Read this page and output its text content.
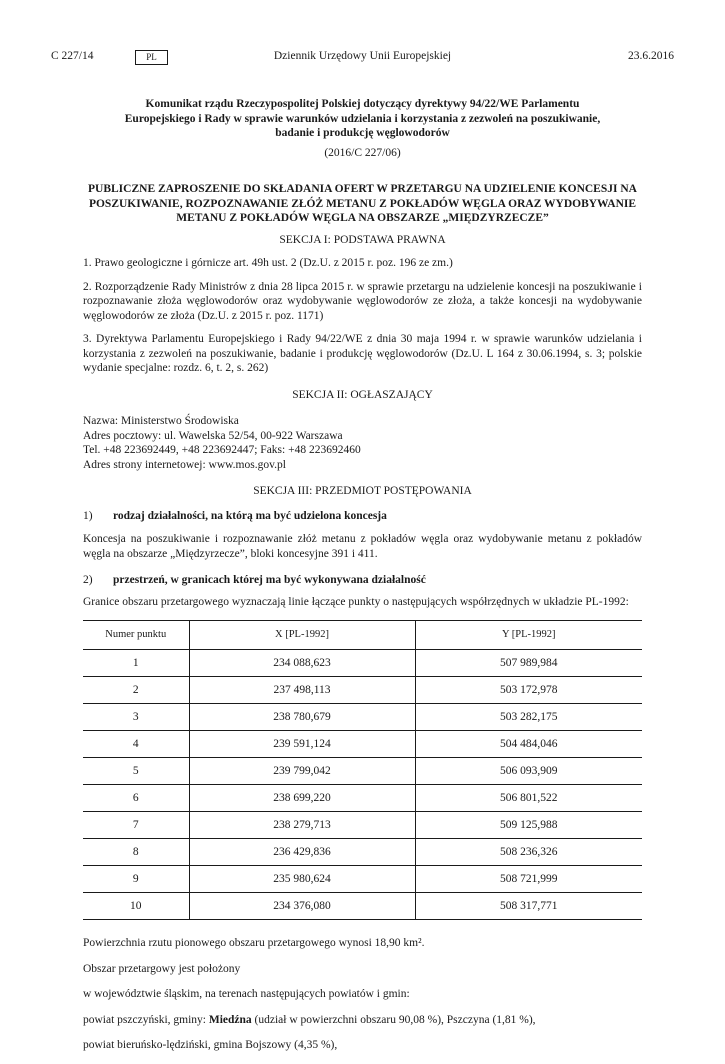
C 227/14	PL	Dziennik Urzędowy Unii Europejskiej	23.6.2016
Komunikat rządu Rzeczypospolitej Polskiej dotyczący dyrektywy 94/22/WE Parlamentu Europejskiego i Rady w sprawie warunków udzielania i korzystania z zezwoleń na poszukiwanie, badanie i produkcję węglowodorów
(2016/C 227/06)
PUBLICZNE ZAPROSZENIE DO SKŁADANIA OFERT W PRZETARGU NA UDZIELENIE KONCESJI NA POSZUKIWANIE, ROZPOZNAWANIE ZŁÓŻ METANU Z POKŁADÓW WĘGLA ORAZ WYDOBYWANIE METANU Z POKŁADÓW WĘGLA NA OBSZARZE „MIĘDZYRZECZE”
SEKCJA I: PODSTAWA PRAWNA
1. Prawo geologiczne i górnicze art. 49h ust. 2 (Dz.U. z 2015 r. poz. 196 ze zm.)
2. Rozporządzenie Rady Ministrów z dnia 28 lipca 2015 r. w sprawie przetargu na udzielenie koncesji na poszukiwanie i rozpoznawanie złoża węglowodorów oraz wydobywanie węglowodorów ze złoża, a także koncesji na wydobywanie węglowodorów ze złoża (Dz.U. z 2015 r. poz. 1171)
3. Dyrektywa Parlamentu Europejskiego i Rady 94/22/WE z dnia 30 maja 1994 r. w sprawie warunków udzielania i korzystania z zezwoleń na poszukiwanie, badanie i produkcję węglowodorów (Dz.U. L 164 z 30.06.1994, s. 3; polskie wydanie specjalne: rozdz. 6, t. 2, s. 262)
SEKCJA II: OGŁASZAJĄCY
Nazwa: Ministerstwo Środowiska
Adres pocztowy: ul. Wawelska 52/54, 00-922 Warszawa
Tel. +48 223692449, +48 223692447; Faks: +48 223692460
Adres strony internetowej: www.mos.gov.pl
SEKCJA III: PRZEDMIOT POSTĘPOWANIA
1)	rodzaj działalności, na którą ma być udzielona koncesja
Koncesja na poszukiwanie i rozpoznawanie złóż metanu z pokładów węgla oraz wydobywanie metanu z pokładów węgla na obszarze „Międzyrzecze”, bloki koncesyjne 391 i 411.
2)	przestrzeń, w granicach której ma być wykonywana działalność
Granice obszaru przetargowego wyznaczają linie łączące punkty o następujących współrzędnych w układzie PL-1992:
Numer punktu	X [PL-1992]	Y [PL-1992]
1	234 088,623	507 989,984
2	237 498,113	503 172,978
3	238 780,679	503 282,175
4	239 591,124	504 484,046
5	239 799,042	506 093,909
6	238 699,220	506 801,522
7	238 279,713	509 125,988
8	236 429,836	508 236,326
9	235 980,624	508 721,999
10	234 376,080	508 317,771

Powierzchnia rzutu pionowego obszaru przetargowego wynosi 18,90 km².

Obszar przetargowy jest położony

w województwie śląskim, na terenach następujących powiatów i gmin:

powiat pszczyński, gminy: Miedźna (udział w powierzchni obszaru 90,08 %), Pszczyna (1,81 %),

powiat bieruńsko-lędziński, gmina Bojszowy (4,35 %),
